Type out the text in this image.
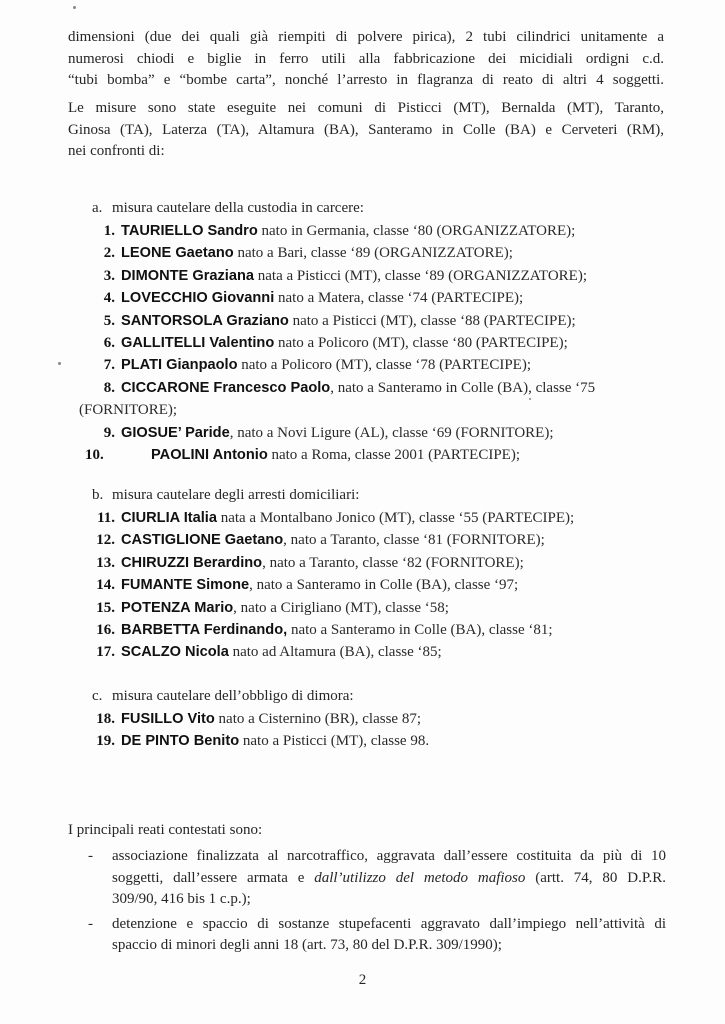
dimensioni (due dei quali già riempiti di polvere pirica), 2 tubi cilindrici unitamente a
numerosi chiodi e biglie in ferro utili alla fabbricazione dei micidiali ordigni c.d.
“tubi bomba” e “bombe carta”, nonché l’arresto in flagranza di reato di altri 4 soggetti.

Le misure sono state eseguite nei comuni di Pisticci (MT), Bernalda (MT), Taranto,
Ginosa (TA), Laterza (TA), Altamura (BA), Santeramo in Colle (BA) e Cerveteri (RM),
nei confronti di:

a. misura cautelare della custodia in carcere:

1. TAURIELLO Sandro nato in Germania, classe ‘80 (ORGANIZZATORE);
2. LEONE Gaetano nato a Bari, classe ‘89 (ORGANIZZATORE);
3. DIMONTE Graziana nata a Pisticci (MT), classe ‘89 (ORGANIZZATORE);
4. LOVECCHIO Giovanni nato a Matera, classe ‘74 (PARTECIPE);
5. SANTORSOLA Graziano nato a Pisticci (MT), classe ‘88 (PARTECIPE);
6. GALLITELLI Valentino nato a Policoro (MT), classe ‘80 (PARTECIPE);
7. PLATI Gianpaolo nato a Policoro (MT), classe ‘78 (PARTECIPE);
8. CICCARONE Francesco Paolo, nato a Santeramo in Colle (BA), classe ‘75
(FORNITORE);
9. GIOSUE’ Paride, nato a Novi Ligure (AL), classe ‘69 (FORNITORE);
10.	PAOLINI Antonio nato a Roma, classe 2001 (PARTECIPE);

b. misura cautelare degli arresti domiciliari:

11. CIURLIA Italia nata a Montalbano Jonico (MT), classe ‘55 (PARTECIPE);
12. CASTIGLIONE Gaetano, nato a Taranto, classe ‘81 (FORNITORE);
13. CHIRUZZI Berardino, nato a Taranto, classe ‘82 (FORNITORE);
14. FUMANTE Simone, nato a Santeramo in Colle (BA), classe ‘97;
15. POTENZA Mario, nato a Cirigliano (MT), classe ‘58;
16. BARBETTA Ferdinando, nato a Santeramo in Colle (BA), classe ‘81;
17. SCALZO Nicola nato ad Altamura (BA), classe ‘85;

c. misura cautelare dell’obbligo di dimora:

18. FUSILLO Vito nato a Cisternino (BR), classe 87;
19. DE PINTO Benito nato a Pisticci (MT), classe 98.

I principali reati contestati sono:

- associazione finalizzata al narcotraffico, aggravata dall’essere costituita da più di 10
soggetti, dall’essere armata e dall’utilizzo del metodo mafioso (artt. 74, 80 D.P.R.
309/90, 416 bis 1 c.p.);
- detenzione e spaccio di sostanze stupefacenti aggravato dall’impiego nell’attività di
spaccio di minori degli anni 18 (art. 73, 80 del D.P.R. 309/1990);

2
